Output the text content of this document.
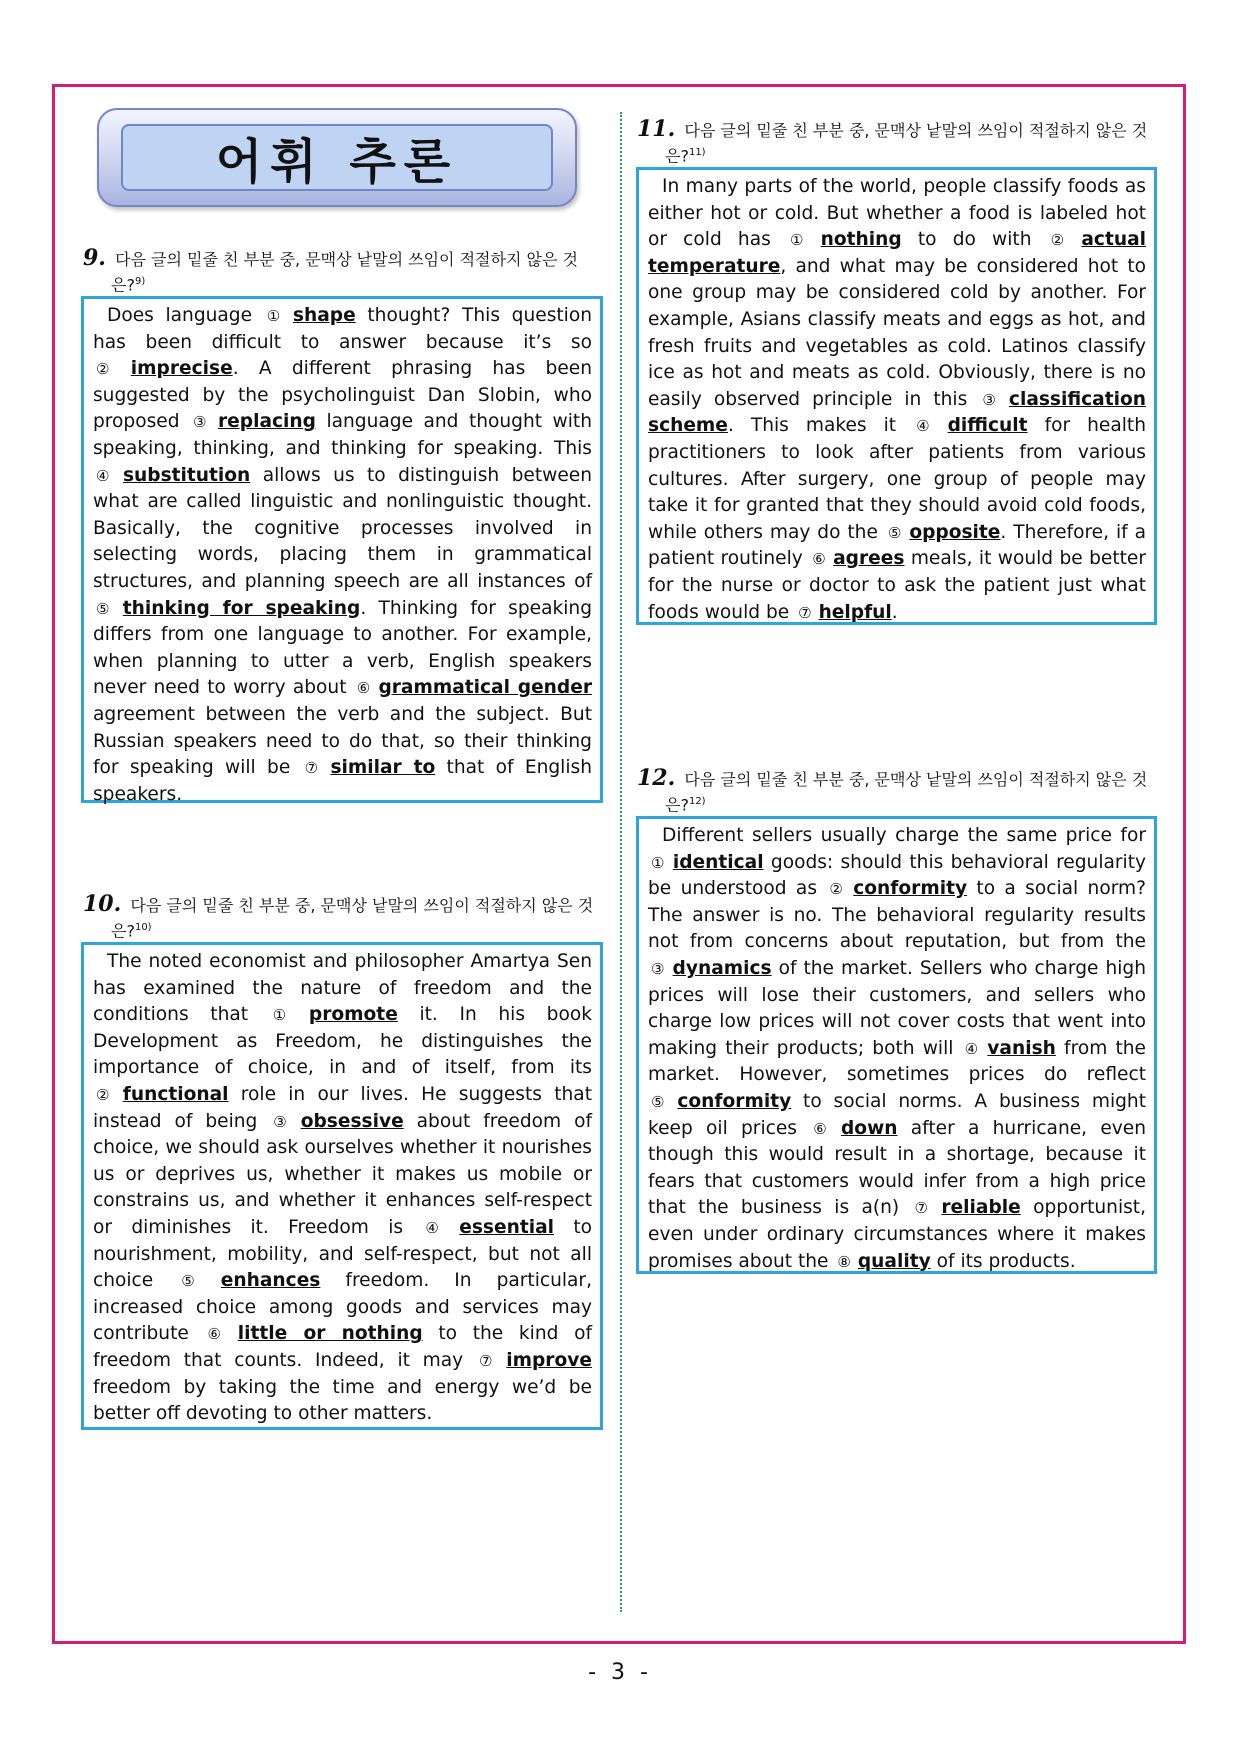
어휘 추론
9. 다음 글의 밑줄 친 부분 중, 문맥상 낱말의 쓰임이 적절하지 않은 것
은?$^{9)}$

Does language ① shape thought? This question has been difficult to answer because it’s so ② imprecise. A different phrasing has been suggested by the psycholinguist Dan Slobin, who proposed ③ replacing language and thought with speaking, thinking, and thinking for speaking. This ④ substitution allows us to distinguish between what are called linguistic and nonlinguistic thought. Basically, the cognitive processes involved in selecting words, placing them in grammatical structures, and planning speech are all instances of ⑤ thinking for speaking. Thinking for speaking differs from one language to another. For example, when planning to utter a verb, English speakers never need to worry about ⑥ grammatical gender agreement between the verb and the subject. But Russian speakers need to do that, so their thinking for speaking will be ⑦ similar to that of English speakers.

10. 다음 글의 밑줄 친 부분 중, 문맥상 낱말의 쓰임이 적절하지 않은 것
은?$^{10)}$

The noted economist and philosopher Amartya Sen has examined the nature of freedom and the conditions that ① promote it. In his book Development as Freedom, he distinguishes the importance of choice, in and of itself, from its ② functional role in our lives. He suggests that instead of being ③ obsessive about freedom of choice, we should ask ourselves whether it nourishes us or deprives us, whether it makes us mobile or constrains us, and whether it enhances self-respect or diminishes it. Freedom is ④ essential to nourishment, mobility, and self-respect, but not all choice ⑤ enhances freedom. In particular, increased choice among goods and services may contribute ⑥ little or nothing to the kind of freedom that counts. Indeed, it may ⑦ improve freedom by taking the time and energy we’d be better off devoting to other matters.

11. 다음 글의 밑줄 친 부분 중, 문맥상 낱말의 쓰임이 적절하지 않은 것
은?$^{11)}$

In many parts of the world, people classify foods as either hot or cold. But whether a food is labeled hot or cold has ① nothing to do with ② actual temperature, and what may be considered hot to one group may be considered cold by another. For example, Asians classify meats and eggs as hot, and fresh fruits and vegetables as cold. Latinos classify ice as hot and meats as cold. Obviously, there is no easily observed principle in this ③ classification scheme. This makes it ④ difficult for health practitioners to look after patients from various cultures. After surgery, one group of people may take it for granted that they should avoid cold foods, while others may do the ⑤ opposite. Therefore, if a patient routinely ⑥ agrees meals, it would be better for the nurse or doctor to ask the patient just what foods would be ⑦ helpful.

12. 다음 글의 밑줄 친 부분 중, 문맥상 낱말의 쓰임이 적절하지 않은 것
은?$^{12)}$

Different sellers usually charge the same price for ① identical goods: should this behavioral regularity be understood as ② conformity to a social norm? The answer is no. The behavioral regularity results not from concerns about reputation, but from the ③ dynamics of the market. Sellers who charge high prices will lose their customers, and sellers who charge low prices will not cover costs that went into making their products; both will ④ vanish from the market. However, sometimes prices do reflect ⑤ conformity to social norms. A business might keep oil prices ⑥ down after a hurricane, even though this would result in a shortage, because it fears that customers would infer from a high price that the business is a(n) ⑦ reliable opportunist, even under ordinary circumstances where it makes promises about the ⑧ quality of its products.

- 3 -
